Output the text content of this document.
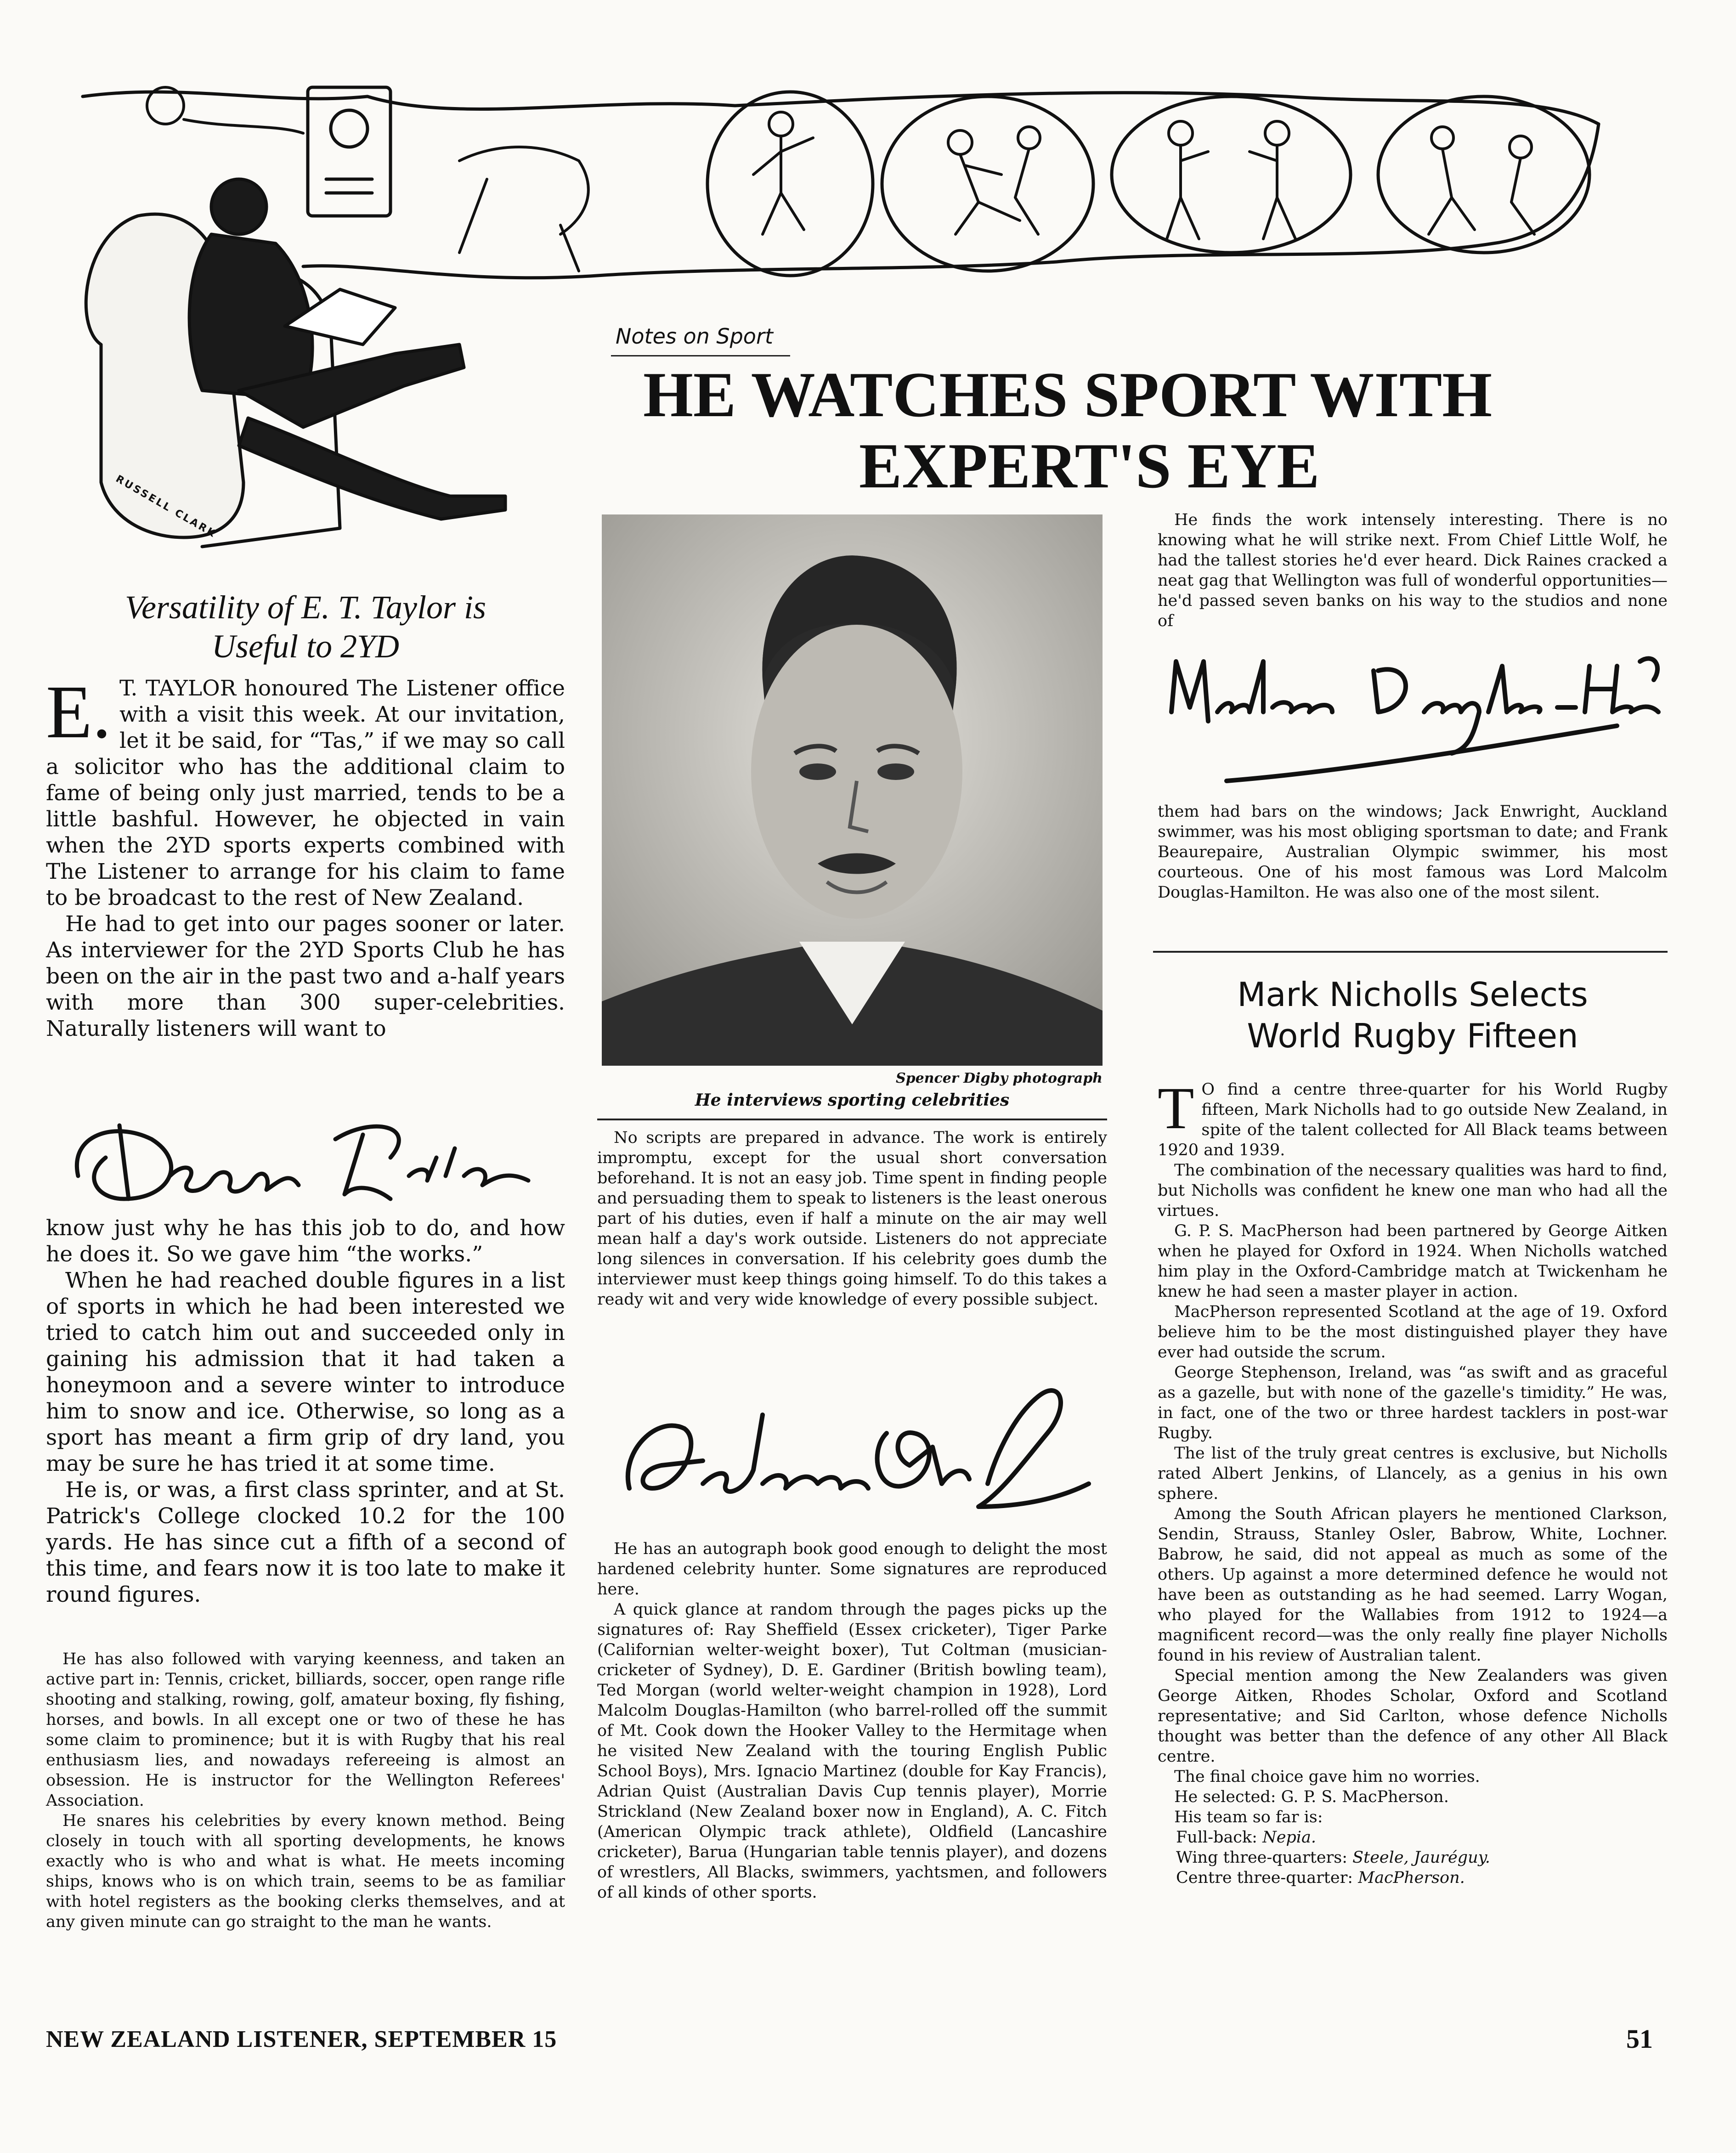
RUSSELL CLARK
Notes on Sport
HE WATCHES SPORT WITH
EXPERT'S EYE
Versatility of E. T. Taylor is
Useful to 2YD

E. T. TAYLOR honoured The Listener office with a visit this week. At our invitation, let it be said, for “Tas,” if we may so call a solicitor who has the additional claim to fame of being only just married, tends to be a little bashful. However, he objected in vain when the 2YD sports experts combined with The Listener to arrange for his claim to fame to be broadcast to the rest of New Zealand.

He had to get into our pages sooner or later. As interviewer for the 2YD Sports Club he has been on the air in the past two and a-half years with more than 300 super-celebrities. Naturally listeners will want to

know just why he has this job to do, and how he does it. So we gave him “the works.”

When he had reached double figures in a list of sports in which he had been interested we tried to catch him out and succeeded only in gaining his admission that it had taken a honeymoon and a severe winter to introduce him to snow and ice. Otherwise, so long as a sport has meant a firm grip of dry land, you may be sure he has tried it at some time.

He is, or was, a first class sprinter, and at St. Patrick's College clocked 10.2 for the 100 yards. He has since cut a fifth of a second of this time, and fears now it is too late to make it round figures.

He has also followed with varying keenness, and taken an active part in: Tennis, cricket, billiards, soccer, open range rifle shooting and stalking, rowing, golf, amateur boxing, fly fishing, horses, and bowls. In all except one or two of these he has some claim to prominence; but it is with Rugby that his real enthusiasm lies, and nowadays refereeing is almost an obsession. He is instructor for the Wellington Referees' Association.

He snares his celebrities by every known method. Being closely in touch with all sporting developments, he knows exactly who is who and what is what. He meets incoming ships, knows who is on which train, seems to be as familiar with hotel registers as the booking clerks themselves, and at any given minute can go straight to the man he wants.

Spencer Digby photograph
He interviews sporting celebrities

No scripts are prepared in advance. The work is entirely impromptu, except for the usual short conversation beforehand. It is not an easy job. Time spent in finding people and persuading them to speak to listeners is the least onerous part of his duties, even if half a minute on the air may well mean half a day's work outside. Listeners do not appreciate long silences in conversation. If his celebrity goes dumb the interviewer must keep things going himself. To do this takes a ready wit and very wide knowledge of every possible subject.

He has an autograph book good enough to delight the most hardened celebrity hunter. Some signatures are reproduced here.

A quick glance at random through the pages picks up the signatures of: Ray Sheffield (Essex cricketer), Tiger Parke (Californian welter-weight boxer), Tut Coltman (musician-cricketer of Sydney), D. E. Gardiner (British bowling team), Ted Morgan (world welter-weight champion in 1928), Lord Malcolm Douglas-Hamilton (who barrel-rolled off the summit of Mt. Cook down the Hooker Valley to the Hermitage when he visited New Zealand with the touring English Public School Boys), Mrs. Ignacio Martinez (double for Kay Francis), Adrian Quist (Australian Davis Cup tennis player), Morrie Strickland (New Zealand boxer now in England), A. C. Fitch (American Olympic track athlete), Oldfield (Lancashire cricketer), Barua (Hungarian table tennis player), and dozens of wrestlers, All Blacks, swimmers, yachtsmen, and followers of all kinds of other sports.

He finds the work intensely interesting. There is no knowing what he will strike next. From Chief Little Wolf, he had the tallest stories he'd ever heard. Dick Raines cracked a neat gag that Wellington was full of wonderful opportunities—he'd passed seven banks on his way to the studios and none of

them had bars on the windows; Jack Enwright, Auckland swimmer, was his most obliging sportsman to date; and Frank Beaurepaire, Australian Olympic swimmer, his most courteous. One of his most famous was Lord Malcolm Douglas-Hamilton. He was also one of the most silent.

Mark Nicholls Selects
World Rugby Fifteen

T O find a centre three-quarter for his World Rugby fifteen, Mark Nicholls had to go outside New Zealand, in spite of the talent collected for All Black teams between 1920 and 1939.

The combination of the necessary qualities was hard to find, but Nicholls was confident he knew one man who had all the virtues.

G. P. S. MacPherson had been partnered by George Aitken when he played for Oxford in 1924. When Nicholls watched him play in the Oxford-Cambridge match at Twickenham he knew he had seen a master player in action.

MacPherson represented Scotland at the age of 19. Oxford believe him to be the most distinguished player they have ever had outside the scrum.

George Stephenson, Ireland, was “as swift and as graceful as a gazelle, but with none of the gazelle's timidity.” He was, in fact, one of the two or three hardest tacklers in post-war Rugby.

The list of the truly great centres is exclusive, but Nicholls rated Albert Jenkins, of Llancely, as a genius in his own sphere.

Among the South African players he mentioned Clarkson, Sendin, Strauss, Stanley Osler, Babrow, White, Lochner. Babrow, he said, did not appeal as much as some of the others. Up against a more determined defence he would not have been as outstanding as he had seemed. Larry Wogan, who played for the Wallabies from 1912 to 1924—a magnificent record—was the only really fine player Nicholls found in his review of Australian talent.

Special mention among the New Zealanders was given George Aitken, Rhodes Scholar, Oxford and Scotland representative; and Sid Carlton, whose defence Nicholls thought was better than the defence of any other All Black centre.

The final choice gave him no worries.

He selected: G. P. S. MacPherson.

His team so far is:

Full-back: Nepia.

Wing three-quarters: Steele, Jauréguy.

Centre three-quarter: MacPherson.

NEW ZEALAND LISTENER, SEPTEMBER 15	51
